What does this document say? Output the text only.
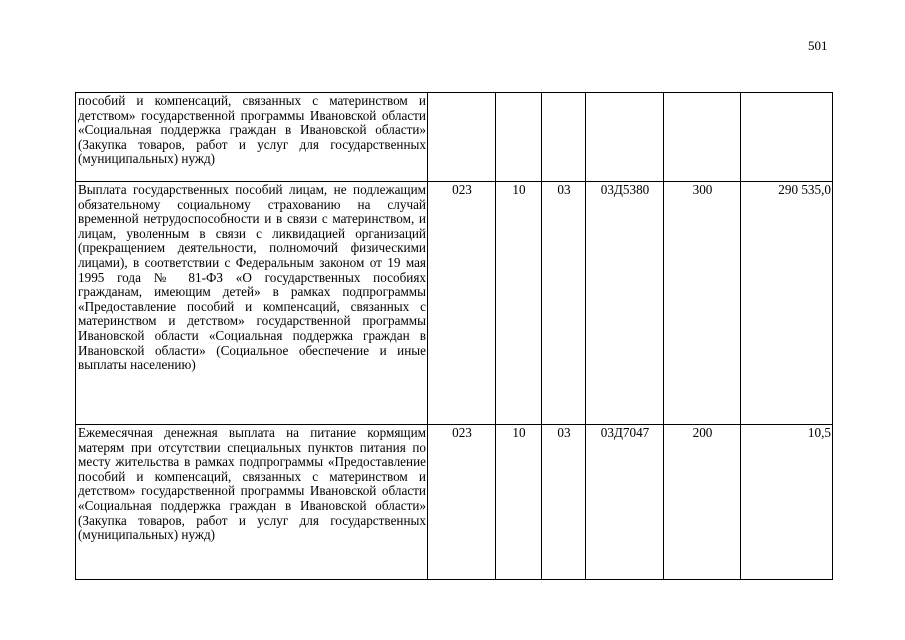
501
пособий и компенсаций, связанных с материнством и детством» государственной программы Ивановской области «Социальная поддержка граждан в Ивановской области» (Закупка товаров, работ и услуг для государственных (муниципальных) нужд)						
Выплата государственных пособий лицам, не подлежащим обязательному социальному страхованию на случай временной нетрудоспособности и в связи с материнством, и лицам, уволенным в связи с ликвидацией организаций (прекращением деятельности, полномочий физическими лицами), в соответствии с Федеральным законом от 19 мая 1995 года № 81-ФЗ «О государственных пособиях гражданам, имеющим детей» в рамках подпрограммы «Предоставление пособий и компенсаций, связанных с материнством и детством» государственной программы Ивановской области «Социальная поддержка граждан в Ивановской области» (Социальное обеспечение и иные выплаты населению)	023	10	03	03Д5380	300	290 535,0
Ежемесячная денежная выплата на питание кормящим матерям при отсутствии специальных пунктов питания по месту жительства в рамках подпрограммы «Предоставление пособий и компенсаций, связанных с материнством и детством» государственной программы Ивановской области «Социальная поддержка граждан в Ивановской области» (Закупка товаров, работ и услуг для государственных (муниципальных) нужд)	023	10	03	03Д7047	200	10,5
